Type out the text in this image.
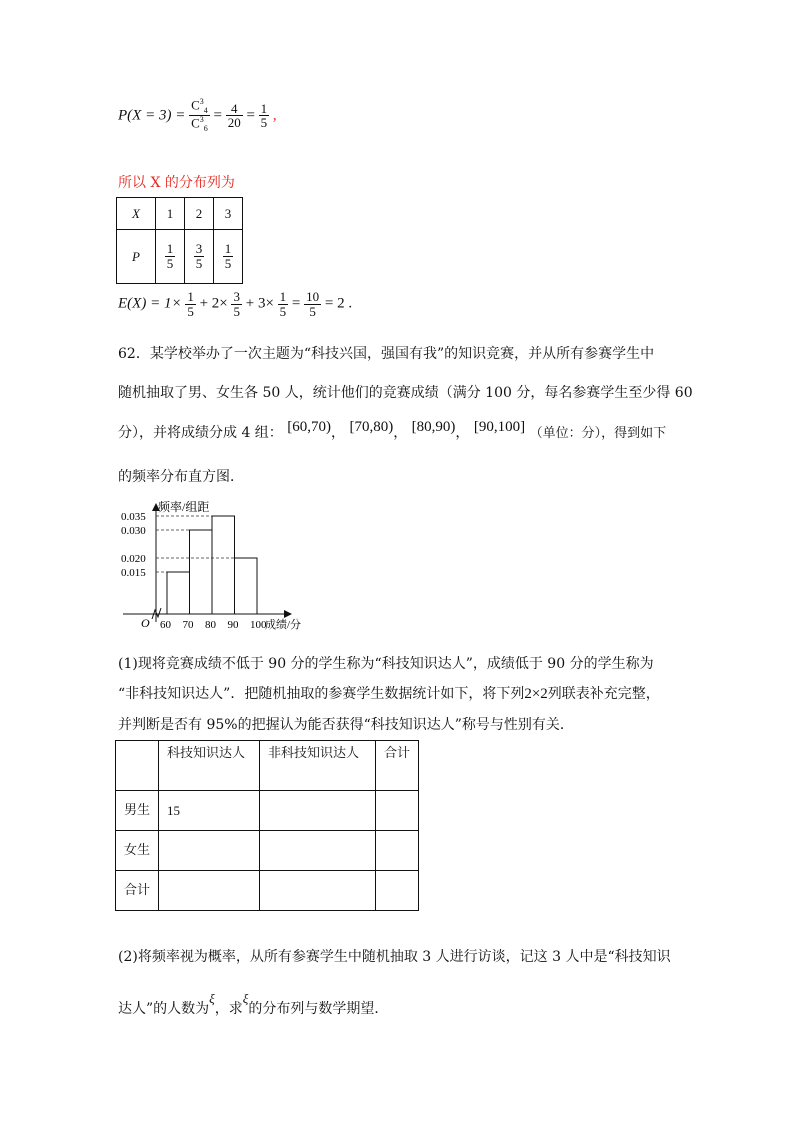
$P(X = 3) = \frac{C^3_4}{C^3_6} = \frac{4}{20} = \frac{1}{5}$ ,
所以 X 的分布列为
X	1	2	3
P	$\frac{1}{5}$	$\frac{3}{5}$	$\frac{1}{5}$
$E(X) = 1\times \frac{1}{5} + 2\times \frac{3}{5} + 3\times \frac{1}{5} = \frac{10}{5} = 2$ .
62．某学校举办了一次主题为“科技兴国，强国有我”的知识竞赛，并从所有参赛学生中
随机抽取了男、女生各 50 人，统计他们的竞赛成绩（满分 100 分，每名参赛学生至少得 60
分），并将成绩分成 4 组： [60,70)， [70,80)， [80,90)， [90,100] （单位：分），得到如下
的频率分布直方图．
O
频率/组距
成绩/分
0.035
0.030
0.020
0.015
60 70 80 90 100
(1)现将竞赛成绩不低于 90 分的学生称为“科技知识达人”，成绩低于 90 分的学生称为
“非科技知识达人”．把随机抽取的参赛学生数据统计如下，将下列2×2列联表补充完整，
并判断是否有 95%的把握认为能否获得“科技知识达人”称号与性别有关．
	科技知识达人	非科技知识达人	合计
男生	15		
女生			
合计			
(2)将频率视为概率，从所有参赛学生中随机抽取 3 人进行访谈，记这 3 人中是“科技知识
达人”的人数为ξ，求ξ的分布列与数学期望．
